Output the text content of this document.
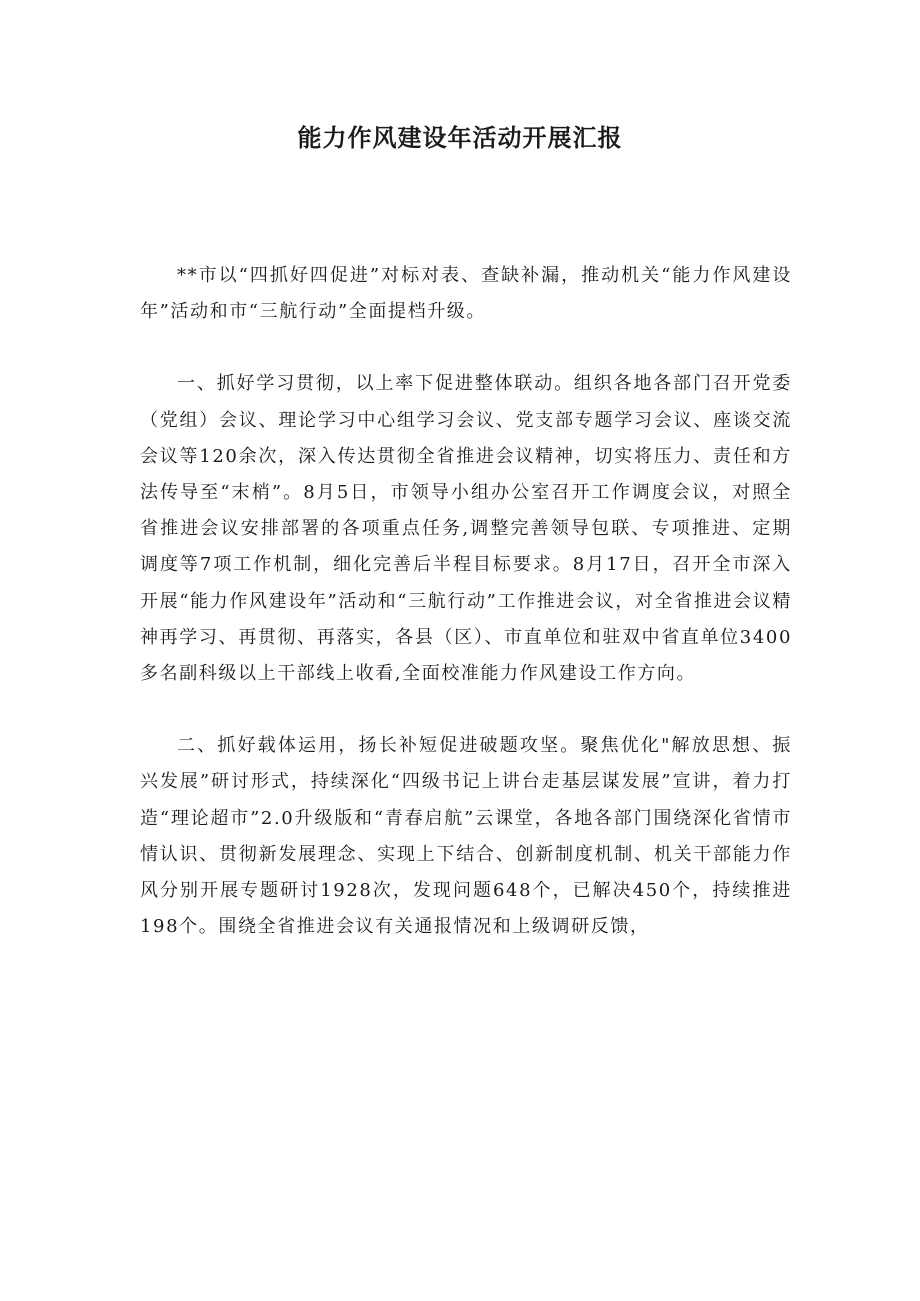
能力作风建设年活动开展汇报

**市以“四抓好四促进”对标对表、查缺补漏，推动机关“能力作风建设年”活动和市“三航行动”全面提档升级。

一、抓好学习贯彻，以上率下促进整体联动。组织各地各部门召开党委（党组）会议、理论学习中心组学习会议、党支部专题学习会议、座谈交流会议等120余次，深入传达贯彻全省推进会议精神，切实将压力、责任和方法传导至“末梢”。8月5日，市领导小组办公室召开工作调度会议，对照全省推进会议安排部署的各项重点任务,调整完善领导包联、专项推进、定期调度等7项工作机制，细化完善后半程目标要求。8月17日，召开全市深入开展“能力作风建设年”活动和“三航行动”工作推进会议，对全省推进会议精神再学习、再贯彻、再落实，各县（区）、市直单位和驻双中省直单位3400多名副科级以上干部线上收看,全面校准能力作风建设工作方向。

二、抓好载体运用，扬长补短促进破题攻坚。聚焦优化"解放思想、振兴发展”研讨形式，持续深化“四级书记上讲台走基层谋发展”宣讲，着力打造“理论超市”2.0升级版和“青春启航”云课堂，各地各部门围绕深化省情市情认识、贯彻新发展理念、实现上下结合、创新制度机制、机关干部能力作风分别开展专题研讨1928次，发现问题648个，已解决450个，持续推进198个。围绕全省推进会议有关通报情况和上级调研反馈，
